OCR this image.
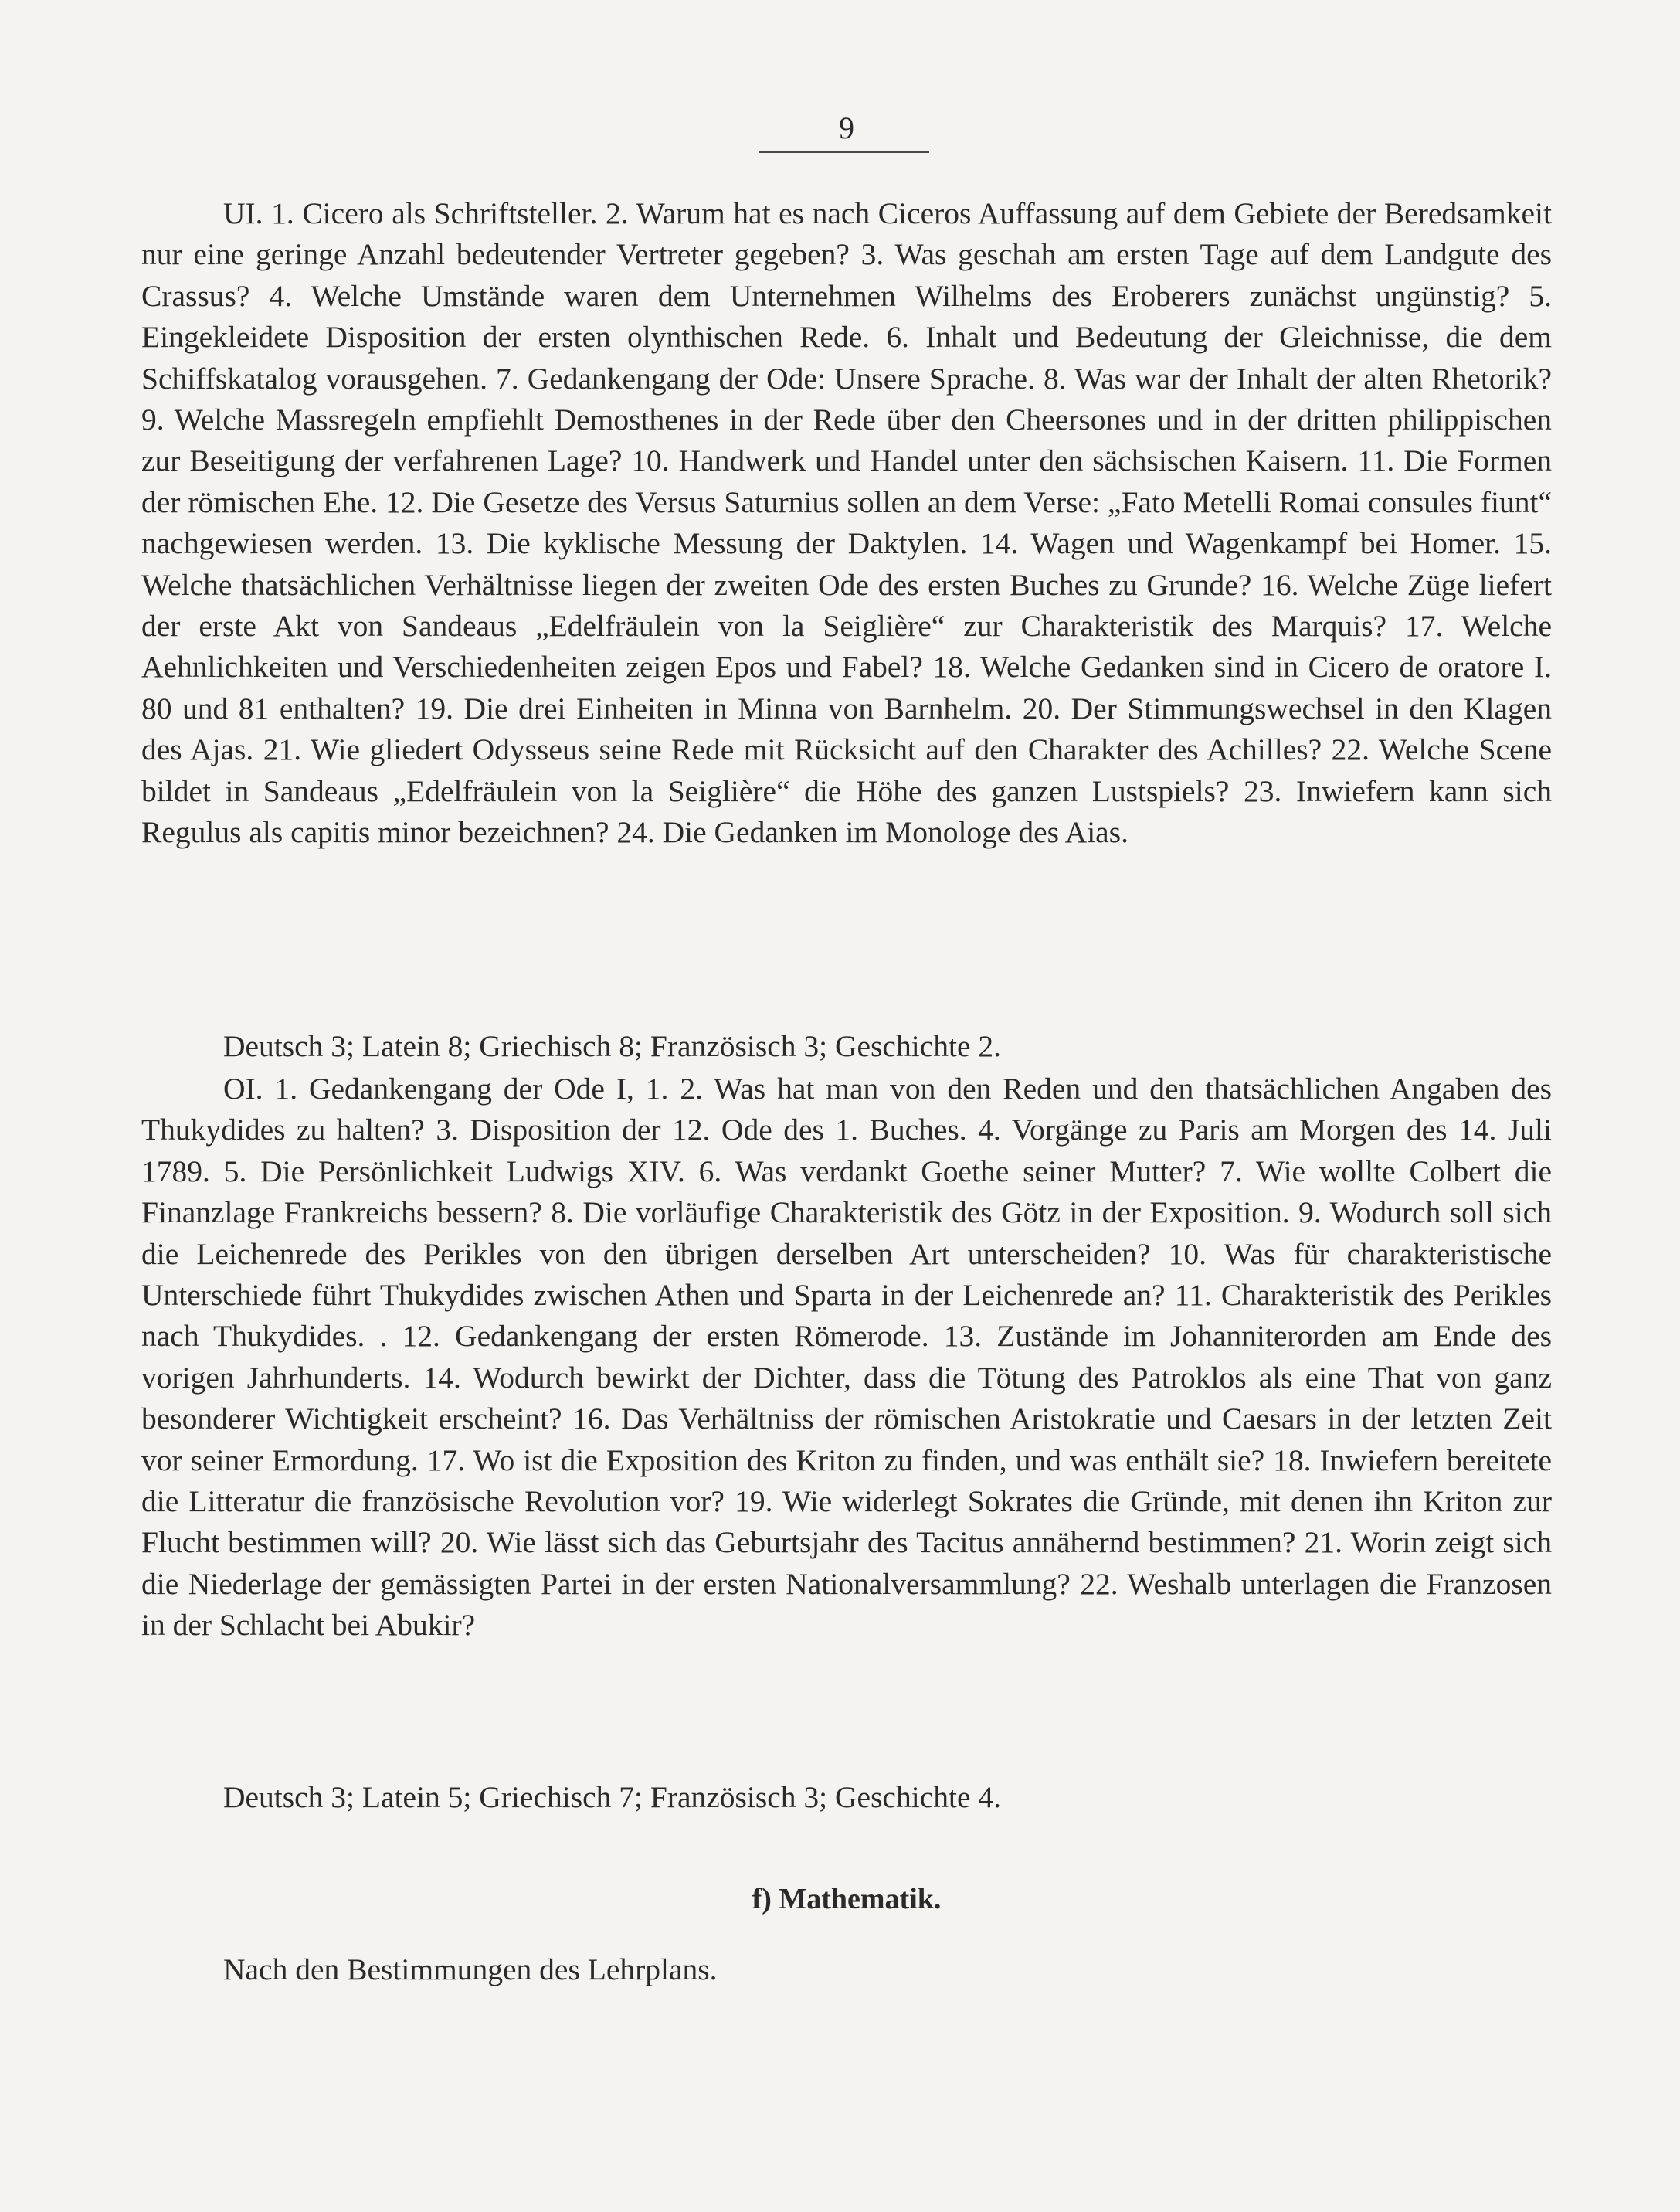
9

UI. 1. Cicero als Schriftsteller. 2. Warum hat es nach Ciceros Auffassung auf dem Gebiete der Beredsamkeit nur eine geringe Anzahl bedeutender Vertreter gegeben? 3. Was geschah am ersten Tage auf dem Landgute des Crassus? 4. Welche Umstände waren dem Unternehmen Wilhelms des Eroberers zunächst ungünstig? 5. Eingekleidete Disposition der ersten olynthischen Rede. 6. Inhalt und Bedeutung der Gleichnisse, die dem Schiffskatalog vorausgehen. 7. Gedankengang der Ode: Unsere Sprache. 8. Was war der Inhalt der alten Rhetorik? 9. Welche Massregeln empfiehlt Demosthenes in der Rede über den Cheersones und in der dritten philippischen zur Beseitigung der verfahrenen Lage? 10. Handwerk und Handel unter den sächsischen Kaisern. 11. Die Formen der römischen Ehe. 12. Die Gesetze des Versus Saturnius sollen an dem Verse: „Fato Metelli Romai consules fiunt“ nachgewiesen werden. 13. Die kyklische Messung der Daktylen. 14. Wagen und Wagenkampf bei Homer. 15. Welche thatsächlichen Verhältnisse liegen der zweiten Ode des ersten Buches zu Grunde? 16. Welche Züge liefert der erste Akt von Sandeaus „Edelfräulein von la Seiglière“ zur Charakteristik des Marquis? 17. Welche Aehnlichkeiten und Verschiedenheiten zeigen Epos und Fabel? 18. Welche Gedanken sind in Cicero de oratore I. 80 und 81 enthalten? 19. Die drei Einheiten in Minna von Barnhelm. 20. Der Stimmungswechsel in den Klagen des Ajas. 21. Wie gliedert Odysseus seine Rede mit Rücksicht auf den Charakter des Achilles? 22. Welche Scene bildet in Sandeaus „Edelfräulein von la Seiglière“ die Höhe des ganzen Lustspiels? 23. Inwiefern kann sich Regulus als capitis minor bezeichnen? 24. Die Gedanken im Monologe des Aias.

Deutsch 3; Latein 8; Griechisch 8; Französisch 3; Geschichte 2.

OI. 1. Gedankengang der Ode I, 1. 2. Was hat man von den Reden und den thatsächlichen Angaben des Thukydides zu halten? 3. Disposition der 12. Ode des 1. Buches. 4. Vorgänge zu Paris am Morgen des 14. Juli 1789. 5. Die Persönlichkeit Ludwigs XIV. 6. Was verdankt Goethe seiner Mutter? 7. Wie wollte Colbert die Finanzlage Frankreichs bessern? 8. Die vorläufige Charakteristik des Götz in der Exposition. 9. Wodurch soll sich die Leichenrede des Perikles von den übrigen derselben Art unterscheiden? 10. Was für charakteristische Unterschiede führt Thukydides zwischen Athen und Sparta in der Leichenrede an? 11. Charakteristik des Perikles nach Thukydides. . 12. Gedankengang der ersten Römerode. 13. Zustände im Johanniterorden am Ende des vorigen Jahrhunderts. 14. Wodurch bewirkt der Dichter, dass die Tötung des Patroklos als eine That von ganz besonderer Wichtigkeit erscheint? 16. Das Verhältniss der römischen Aristokratie und Caesars in der letzten Zeit vor seiner Ermordung. 17. Wo ist die Exposition des Kriton zu finden, und was enthält sie? 18. Inwiefern bereitete die Litteratur die französische Revolution vor? 19. Wie widerlegt Sokrates die Gründe, mit denen ihn Kriton zur Flucht bestimmen will? 20. Wie lässt sich das Geburtsjahr des Tacitus annähernd bestimmen? 21. Worin zeigt sich die Niederlage der gemässigten Partei in der ersten Nationalversammlung? 22. Weshalb unterlagen die Franzosen in der Schlacht bei Abukir?

Deutsch 3; Latein 5; Griechisch 7; Französisch 3; Geschichte 4.
f) Mathematik.
Nach den Bestimmungen des Lehrplans.
